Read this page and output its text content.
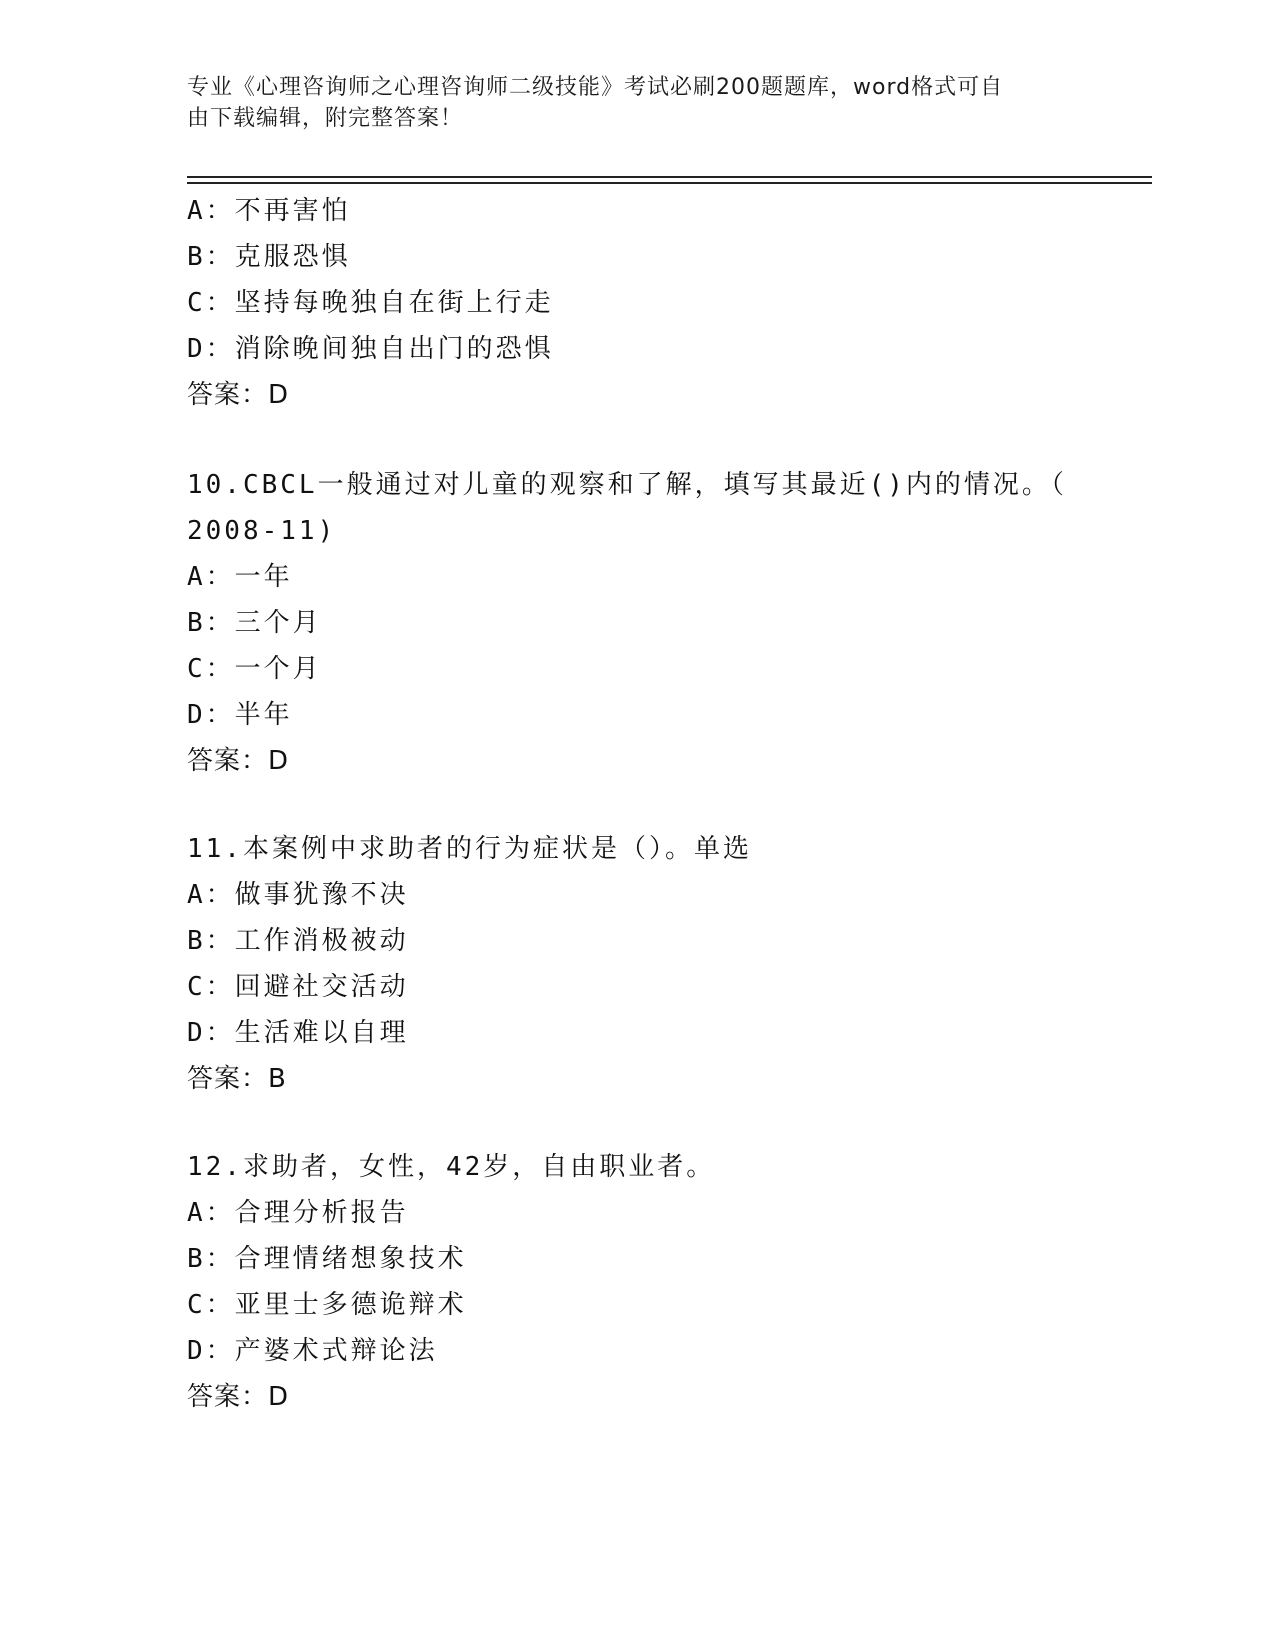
专业《心理咨询师之心理咨询师二级技能》考试必刷200题题库，word格式可自
由下载编辑，附完整答案！
A：不再害怕
B：克服恐惧
C：坚持每晚独自在街上行走
D：消除晚间独自出门的恐惧
答案：D
10.CBCL一般通过对儿童的观察和了解，填写其最近()内的情况。（
2008-11)
A：一年
B：三个月
C：一个月
D：半年
答案：D
11.本案例中求助者的行为症状是（）。单选
A：做事犹豫不决
B：工作消极被动
C：回避社交活动
D：生活难以自理
答案：B
12.求助者，女性，42岁，自由职业者。
A：合理分析报告
B：合理情绪想象技术
C：亚里士多德诡辩术
D：产婆术式辩论法
答案：D
